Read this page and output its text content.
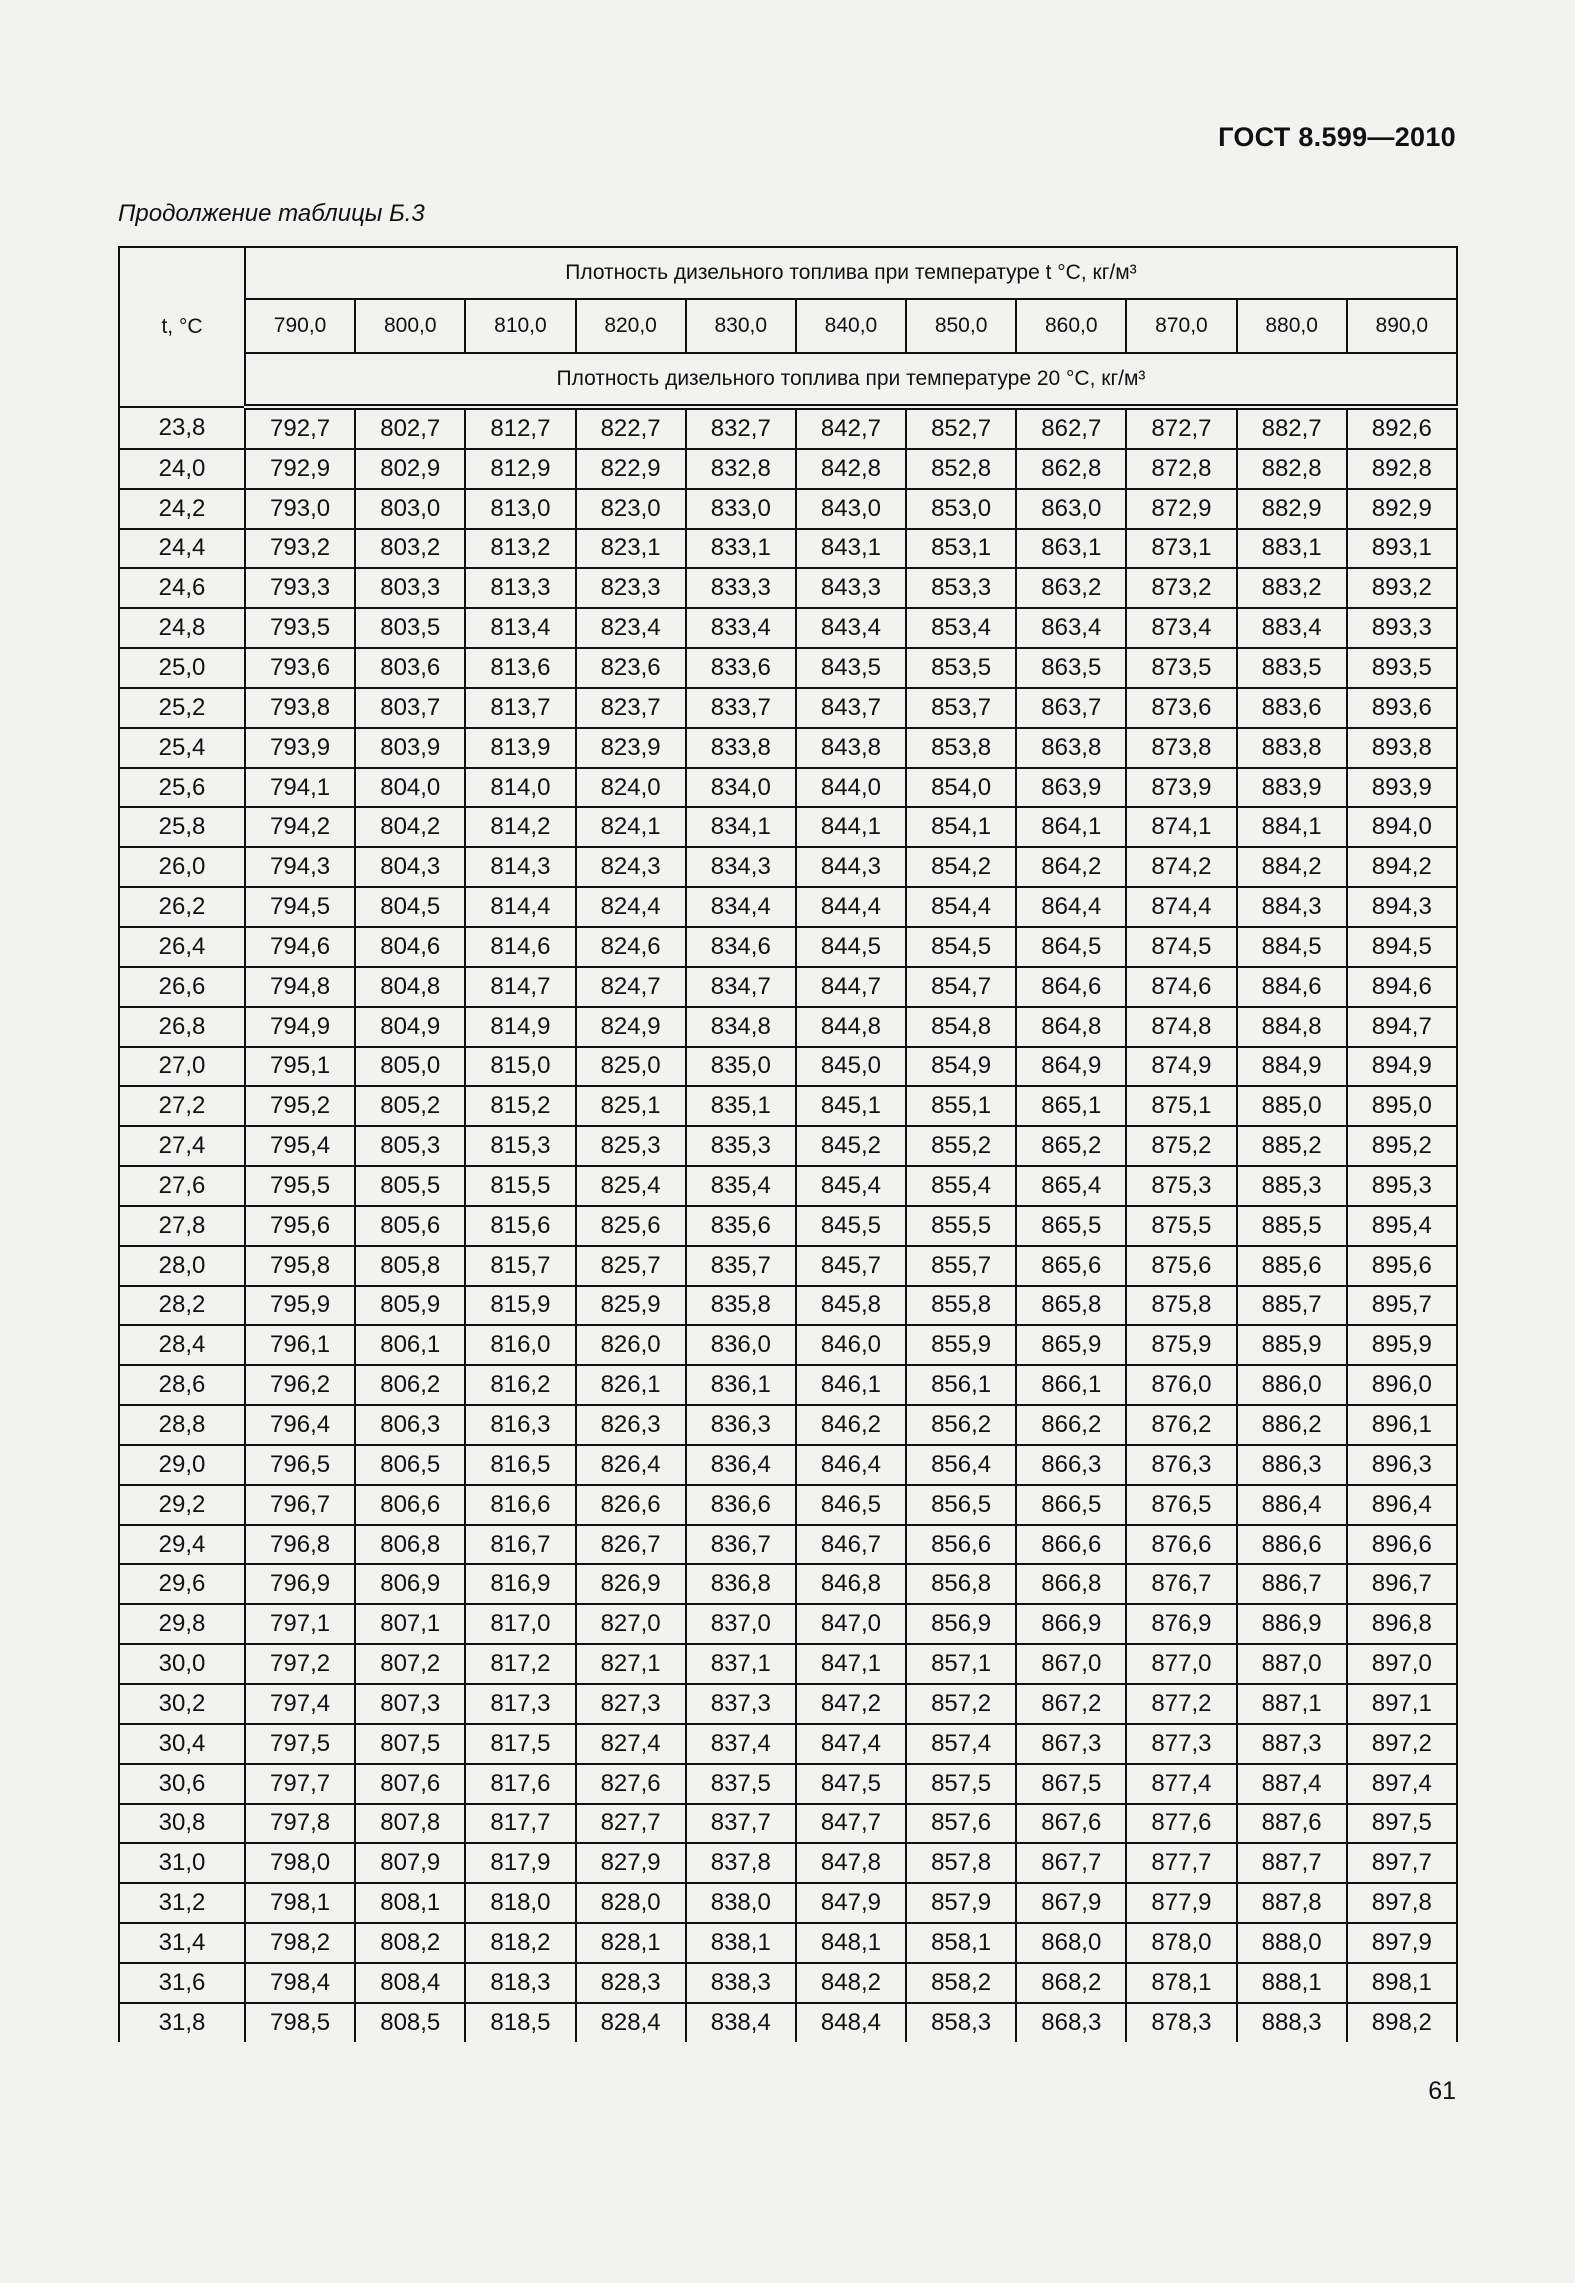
ГОСТ 8.599—2010
Продолжение таблицы Б.3
t, °C	Плотность дизельного топлива при температуре t °C, кг/м³										
	790,0	800,0	810,0	820,0	830,0	840,0	850,0	860,0	870,0	880,0	890,0
	Плотность дизельного топлива при температуре 20 °C, кг/м³										
23,8	792,7	802,7	812,7	822,7	832,7	842,7	852,7	862,7	872,7	882,7	892,6
24,0	792,9	802,9	812,9	822,9	832,8	842,8	852,8	862,8	872,8	882,8	892,8
24,2	793,0	803,0	813,0	823,0	833,0	843,0	853,0	863,0	872,9	882,9	892,9
24,4	793,2	803,2	813,2	823,1	833,1	843,1	853,1	863,1	873,1	883,1	893,1
24,6	793,3	803,3	813,3	823,3	833,3	843,3	853,3	863,2	873,2	883,2	893,2
24,8	793,5	803,5	813,4	823,4	833,4	843,4	853,4	863,4	873,4	883,4	893,3
25,0	793,6	803,6	813,6	823,6	833,6	843,5	853,5	863,5	873,5	883,5	893,5
25,2	793,8	803,7	813,7	823,7	833,7	843,7	853,7	863,7	873,6	883,6	893,6
25,4	793,9	803,9	813,9	823,9	833,8	843,8	853,8	863,8	873,8	883,8	893,8
25,6	794,1	804,0	814,0	824,0	834,0	844,0	854,0	863,9	873,9	883,9	893,9
25,8	794,2	804,2	814,2	824,1	834,1	844,1	854,1	864,1	874,1	884,1	894,0
26,0	794,3	804,3	814,3	824,3	834,3	844,3	854,2	864,2	874,2	884,2	894,2
26,2	794,5	804,5	814,4	824,4	834,4	844,4	854,4	864,4	874,4	884,3	894,3
26,4	794,6	804,6	814,6	824,6	834,6	844,5	854,5	864,5	874,5	884,5	894,5
26,6	794,8	804,8	814,7	824,7	834,7	844,7	854,7	864,6	874,6	884,6	894,6
26,8	794,9	804,9	814,9	824,9	834,8	844,8	854,8	864,8	874,8	884,8	894,7
27,0	795,1	805,0	815,0	825,0	835,0	845,0	854,9	864,9	874,9	884,9	894,9
27,2	795,2	805,2	815,2	825,1	835,1	845,1	855,1	865,1	875,1	885,0	895,0
27,4	795,4	805,3	815,3	825,3	835,3	845,2	855,2	865,2	875,2	885,2	895,2
27,6	795,5	805,5	815,5	825,4	835,4	845,4	855,4	865,4	875,3	885,3	895,3
27,8	795,6	805,6	815,6	825,6	835,6	845,5	855,5	865,5	875,5	885,5	895,4
28,0	795,8	805,8	815,7	825,7	835,7	845,7	855,7	865,6	875,6	885,6	895,6
28,2	795,9	805,9	815,9	825,9	835,8	845,8	855,8	865,8	875,8	885,7	895,7
28,4	796,1	806,1	816,0	826,0	836,0	846,0	855,9	865,9	875,9	885,9	895,9
28,6	796,2	806,2	816,2	826,1	836,1	846,1	856,1	866,1	876,0	886,0	896,0
28,8	796,4	806,3	816,3	826,3	836,3	846,2	856,2	866,2	876,2	886,2	896,1
29,0	796,5	806,5	816,5	826,4	836,4	846,4	856,4	866,3	876,3	886,3	896,3
29,2	796,7	806,6	816,6	826,6	836,6	846,5	856,5	866,5	876,5	886,4	896,4
29,4	796,8	806,8	816,7	826,7	836,7	846,7	856,6	866,6	876,6	886,6	896,6
29,6	796,9	806,9	816,9	826,9	836,8	846,8	856,8	866,8	876,7	886,7	896,7
29,8	797,1	807,1	817,0	827,0	837,0	847,0	856,9	866,9	876,9	886,9	896,8
30,0	797,2	807,2	817,2	827,1	837,1	847,1	857,1	867,0	877,0	887,0	897,0
30,2	797,4	807,3	817,3	827,3	837,3	847,2	857,2	867,2	877,2	887,1	897,1
30,4	797,5	807,5	817,5	827,4	837,4	847,4	857,4	867,3	877,3	887,3	897,2
30,6	797,7	807,6	817,6	827,6	837,5	847,5	857,5	867,5	877,4	887,4	897,4
30,8	797,8	807,8	817,7	827,7	837,7	847,7	857,6	867,6	877,6	887,6	897,5
31,0	798,0	807,9	817,9	827,9	837,8	847,8	857,8	867,7	877,7	887,7	897,7
31,2	798,1	808,1	818,0	828,0	838,0	847,9	857,9	867,9	877,9	887,8	897,8
31,4	798,2	808,2	818,2	828,1	838,1	848,1	858,1	868,0	878,0	888,0	897,9
31,6	798,4	808,4	818,3	828,3	838,3	848,2	858,2	868,2	878,1	888,1	898,1
31,8	798,5	808,5	818,5	828,4	838,4	848,4	858,3	868,3	878,3	888,3	898,2
61
